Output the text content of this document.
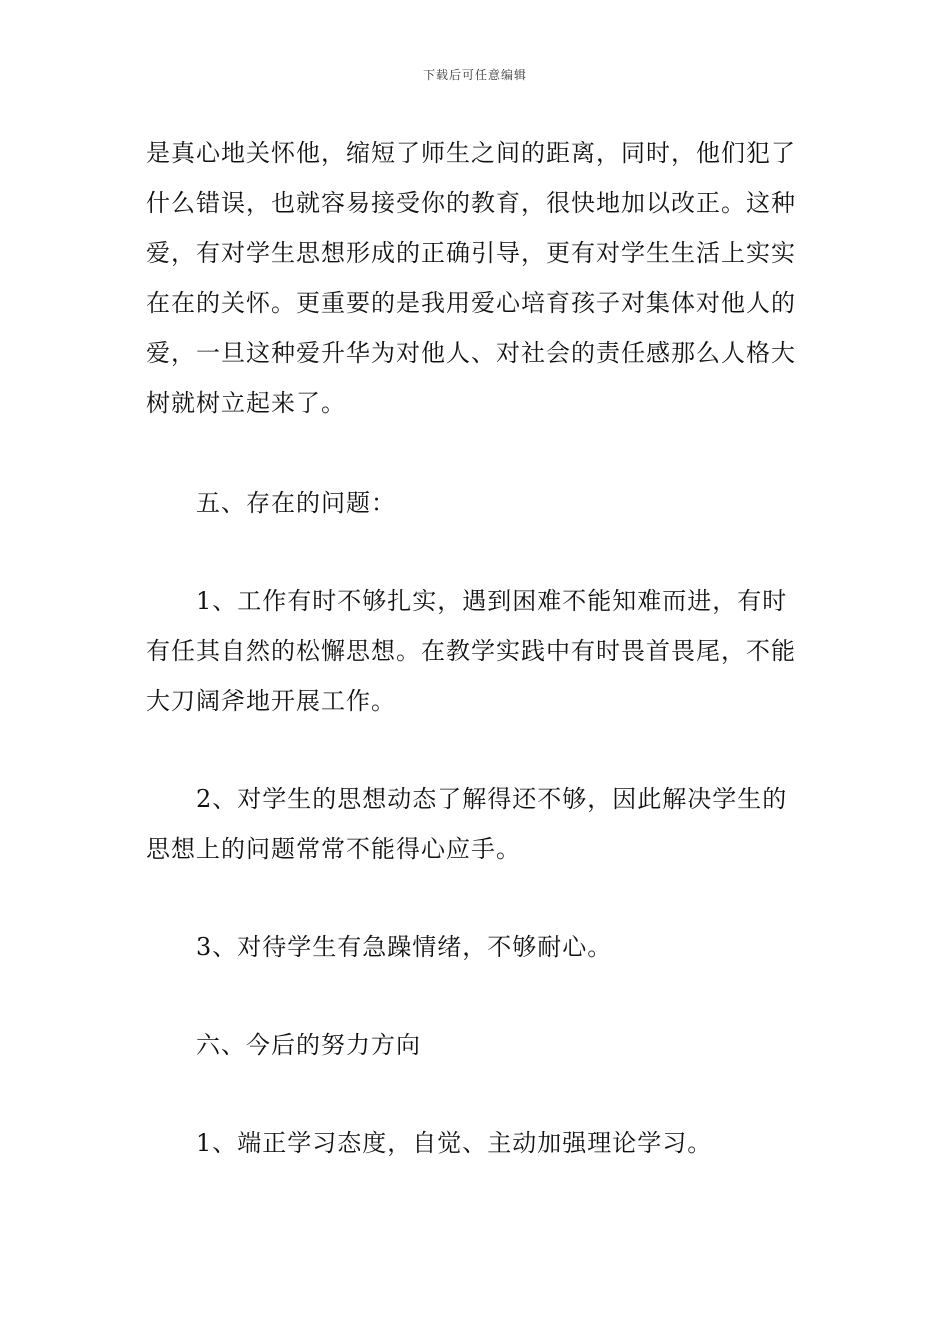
下载后可任意编辑

是真心地关怀他，缩短了师生之间的距离，同时，他们犯了什么错误，也就容易接受你的教育，很快地加以改正。这种爱，有对学生思想形成的正确引导，更有对学生生活上实实在在的关怀。更重要的是我用爱心培育孩子对集体对他人的爱，一旦这种爱升华为对他人、对社会的责任感那么人格大树就树立起来了。

五、存在的问题：

1、工作有时不够扎实，遇到困难不能知难而进，有时有任其自然的松懈思想。在教学实践中有时畏首畏尾，不能大刀阔斧地开展工作。

2、对学生的思想动态了解得还不够，因此解决学生的思想上的问题常常不能得心应手。

3、对待学生有急躁情绪，不够耐心。

六、今后的努力方向

1、端正学习态度，自觉、主动加强理论学习。
